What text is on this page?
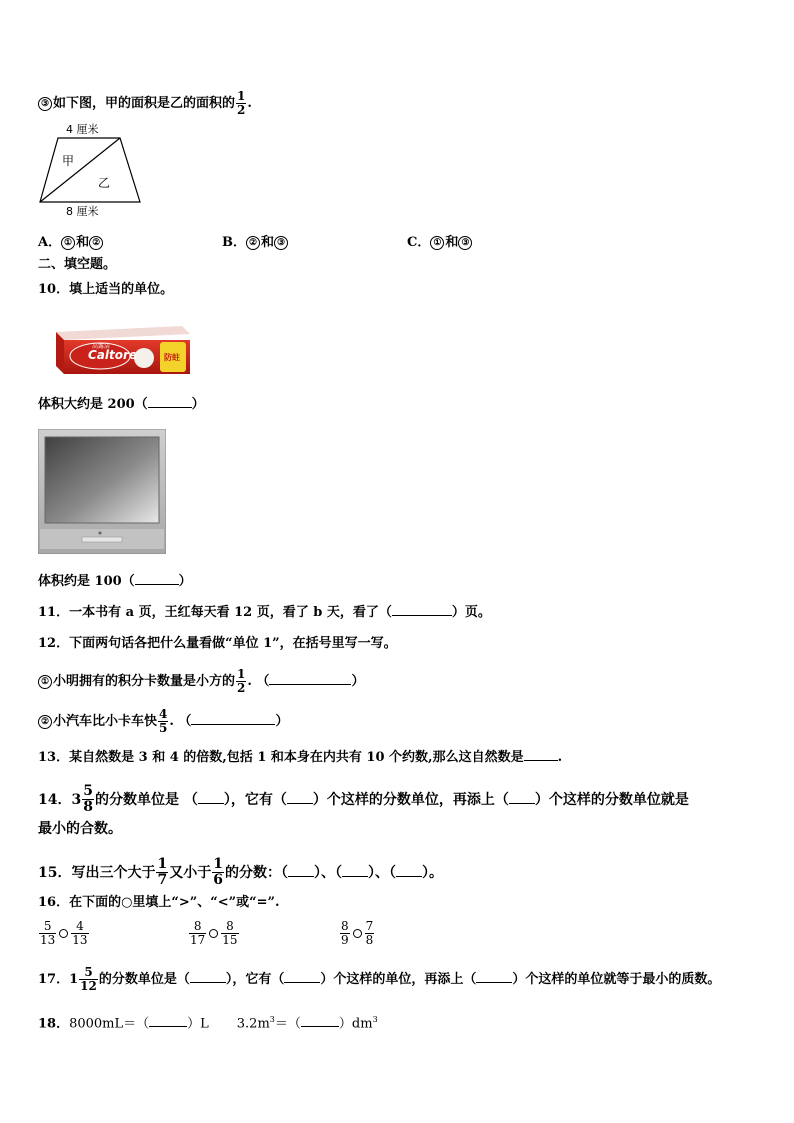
③ 如下图，甲的面积是乙的面积的 $\frac{1}{2}$ .
4 厘米
甲
乙
8 厘米
A． ① 和 ②	B． ② 和 ③	C． ① 和 ③
二、填空题。
10．填上适当的单位。
Caltore
高露洁
防蛀
体积大约是 200（	）
体积约是 100（	）
11．一本书有 a 页，王红每天看 12 页，看了 b 天，看了（	）页。
12．下面两句话各把什么量看做“单位 1”，在括号里写一写。
① 小明拥有的积分卡数量是小方的 $\frac{1}{2}$ . （	）
② 小汽车比小卡车快 $\frac{4}{5}$ . （	）
13．某自然数是 3 和 4 的倍数,包括 1 和本身在内共有 10 个约数,那么这自然数是	.
14．$3 \frac{5}{8}$ 的分数单位是 （ ），它有（ ）个这样的分数单位，再添上（ ）个这样的分数单位就是
最小的合数。
15．写出三个大于 $\frac{1}{7}$ 又小于 $\frac{1}{6}$ 的分数：（ ）、（ ）、（ ）。
16．在下面的○里填上“>”、“<”或“=”.
$\frac{5}{13} \frac{4}{13}$	$\frac{8}{17} \frac{8}{15}$	$\frac{8}{9} \frac{7}{8}$
17．$1 \frac{5}{12}$ 的分数单位是（	），它有（	）个这样的单位，再添上（	）个这样的单位就等于最小的质数。
18．8000mL＝（	）L $3.2m^3=$（	）$dm^3$
